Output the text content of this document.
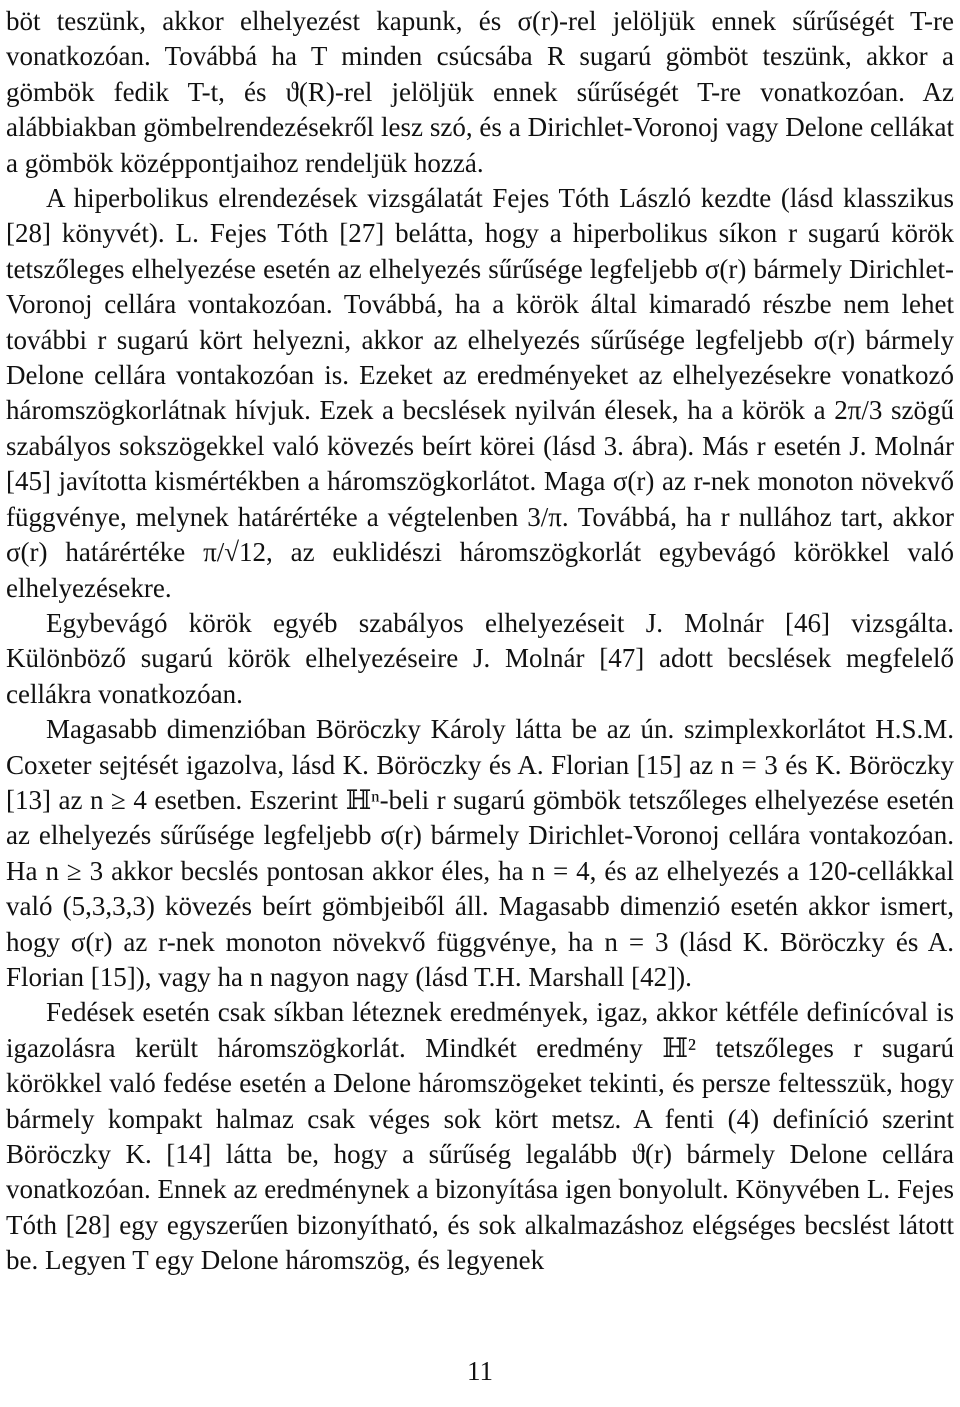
böt teszünk, akkor elhelyezést kapunk, és σ(r)-rel jelöljük ennek sűrűségét T-re vonatkozóan. Továbbá ha T minden csúcsába R sugarú gömböt teszünk, akkor a gömbök fedik T-t, és ϑ(R)-rel jelöljük ennek sűrűségét T-re vonatkozóan. Az alábbiakban gömbelrendezésekről lesz szó, és a Dirichlet-Voronoj vagy Delone cellákat a gömbök középpontjaihoz rendeljük hozzá.

A hiperbolikus elrendezések vizsgálatát Fejes Tóth László kezdte (lásd klasszikus [28] könyvét). L. Fejes Tóth [27] belátta, hogy a hiperbolikus síkon r sugarú körök tetszőleges elhelyezése esetén az elhelyezés sűrűsége legfeljebb σ(r) bármely Dirichlet-Voronoj cellára vontakozóan. Továbbá, ha a körök által kimaradó részbe nem lehet további r sugarú kört helyezni, akkor az elhelyezés sűrűsége legfeljebb σ(r) bármely Delone cellára vontakozóan is. Ezeket az eredményeket az elhelyezésekre vonatkozó háromszögkorlátnak hívjuk. Ezek a becslések nyilván élesek, ha a körök a 2π/3 szögű szabályos sokszögekkel való kövezés beírt körei (lásd 3. ábra). Más r esetén J. Molnár [45] javította kismértékben a háromszögkorlátot. Maga σ(r) az r-nek monoton növekvő függvénye, melynek határértéke a végtelenben 3/π. Továbbá, ha r nullához tart, akkor σ(r) határértéke π/√12, az euklidészi háromszögkorlát egybevágó körökkel való elhelyezésekre.

Egybevágó körök egyéb szabályos elhelyezéseit J. Molnár [46] vizsgálta. Különböző sugarú körök elhelyezéseire J. Molnár [47] adott becslések megfelelő cellákra vonatkozóan.

Magasabb dimenzióban Böröczky Károly látta be az ún. szimplexkorlátot H.S.M. Coxeter sejtését igazolva, lásd K. Böröczky és A. Florian [15] az n = 3 és K. Böröczky [13] az n ≥ 4 esetben. Eszerint ℍⁿ-beli r sugarú gömbök tetszőleges elhelyezése esetén az elhelyezés sűrűsége legfeljebb σ(r) bármely Dirichlet-Voronoj cellára vontakozóan. Ha n ≥ 3 akkor becslés pontosan akkor éles, ha n = 4, és az elhelyezés a 120-cellákkal való (5,3,3,3) kövezés beírt gömbjeiből áll. Magasabb dimenzió esetén akkor ismert, hogy σ(r) az r-nek monoton növekvő függvénye, ha n = 3 (lásd K. Böröczky és A. Florian [15]), vagy ha n nagyon nagy (lásd T.H. Marshall [42]).

Fedések esetén csak síkban léteznek eredmények, igaz, akkor kétféle definícóval is igazolásra került háromszögkorlát. Mindkét eredmény ℍ² tetszőleges r sugarú körökkel való fedése esetén a Delone háromszögeket tekinti, és persze feltesszük, hogy bármely kompakt halmaz csak véges sok kört metsz. A fenti (4) definíció szerint Böröczky K. [14] látta be, hogy a sűrűség legalább ϑ(r) bármely Delone cellára vonatkozóan. Ennek az eredménynek a bizonyítása igen bonyolult. Könyvében L. Fejes Tóth [28] egy egyszerűen bizonyítható, és sok alkalmazáshoz elégséges becslést látott be. Legyen T egy Delone háromszög, és legyenek

11
